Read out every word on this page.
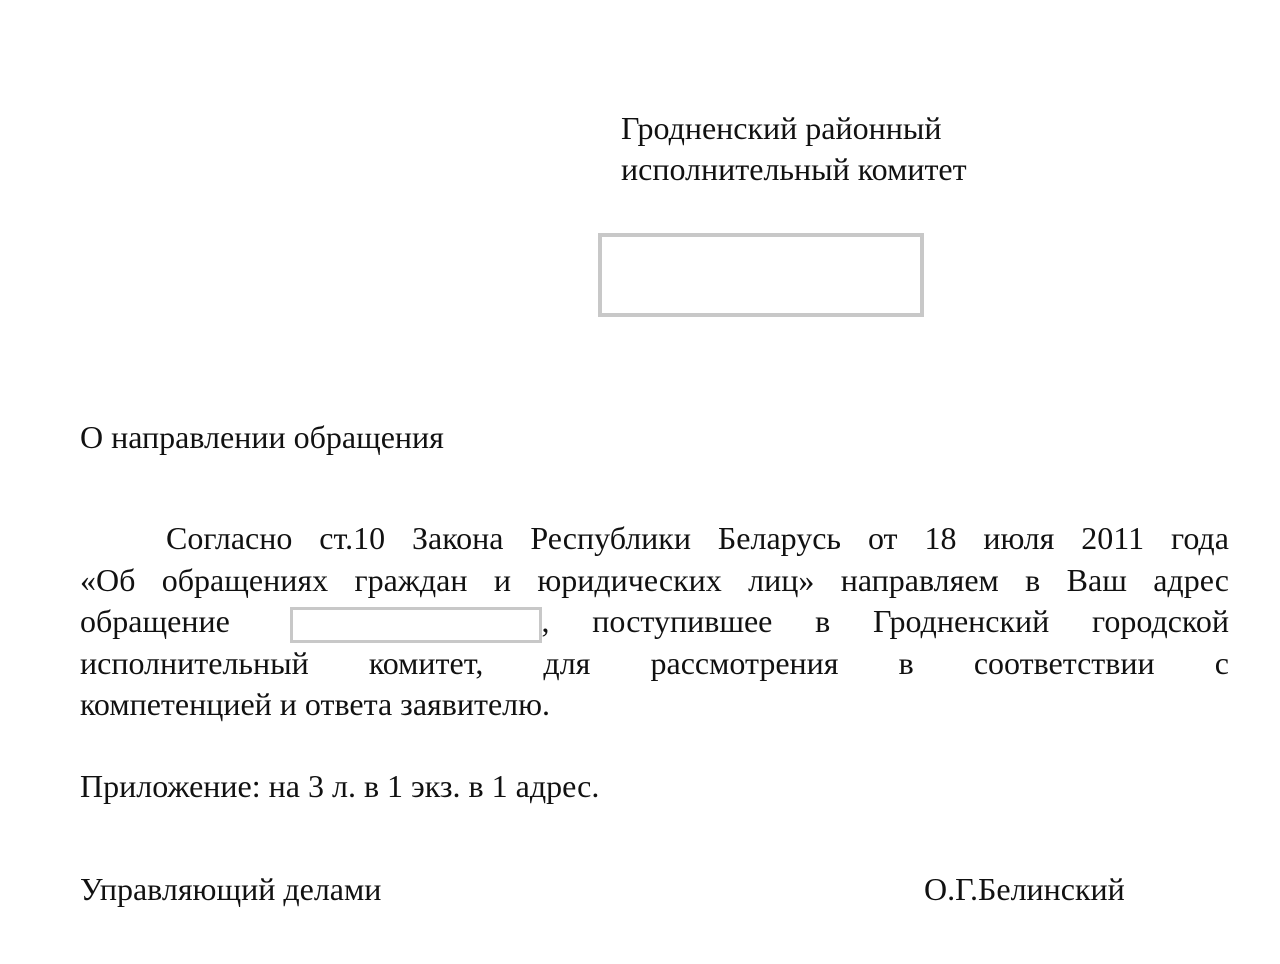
Гродненский районный
исполнительный комитет
О направлении обращения
Согласно ст.10 Закона Республики Беларусь от 18 июля 2011 года
«Об обращениях граждан и юридических лиц» направляем в Ваш адрес
обращение	, поступившее в Гродненский городской
исполнительный комитет, для рассмотрения в соответствии с
компетенцией и ответа заявителю.
Приложение: на 3 л. в 1 экз. в 1 адрес.
Управляющий делами	О.Г.Белинский
